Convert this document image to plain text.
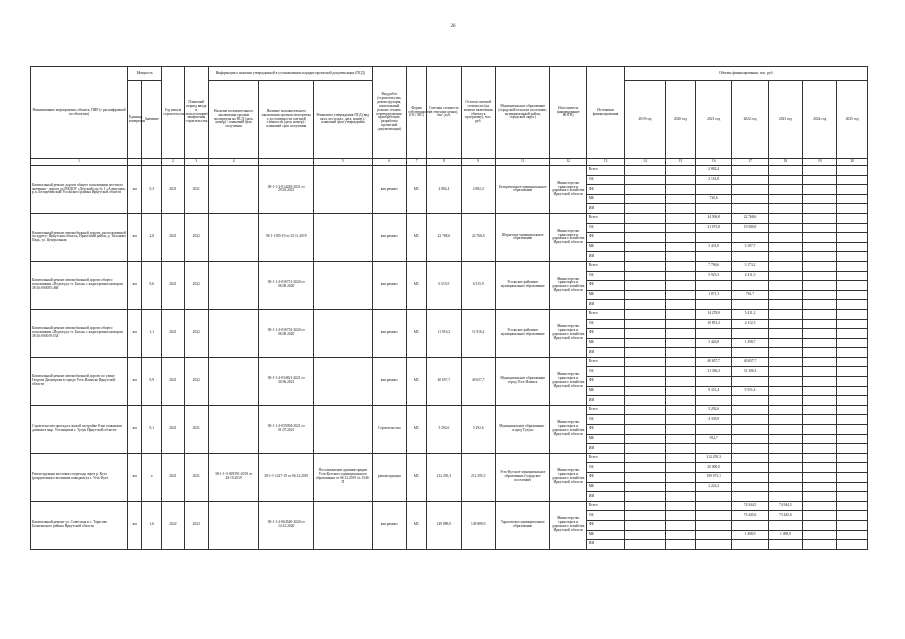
26
Наименование мероприятия, объекта, ПИР (с расшифровкой по объектам)	Мощность		Год начала строительства	Плановый период ввода в эксплуатацию/ завершения строительства	Информация о наличии утвержденной в установленном порядке проектной документации (ПСД)			Вид работ (строительство, реконструкция, капитальный ремонт, технич. перевооружение, приобретение, разработка проектной документации)	Форма собственности (ОС/ МС)	Сметная стоимость (в текущих ценах), тыс. руб.	Остаток сметной стоимости (на момент включения объекта в программу), тыс. руб.	Муниципальное образование (городской/сельское поселение, муниципальный район, городской округ)	Исполнитель (наименование ИОГВ)	Источники финансирования	Объемы финансирования, тыс. руб.						
	Единица измерения	Значение			Наличие положительного заключения органов экспертизы на ПСД (дата, номер) / плановый срок получения	Наличие положительного заключения органов экспертизы о достоверности сметной стоимости (дата, номер) / плановый срок получения	Реквизиты утверждения ПСД (вид акта, кто издал, дата, номер) / плановый срок утверждения								2019 год	2020 год	2021 год	2022 год	2023 год	2024 год	2025 год
1			2	3	4		5	6	7	8	9	11	12	13	14	15	16	17	18	19	20
Капитальный ремонт дороги общего пользования местного значения - дорога до МБДОУ «Детский сад № 1 «Аленушка» р.п. Белореченский Усольского района Иркутской области	км	0,3	2021	2021		38-1-1-2-014283-2021 от 29.03.2021		кап.ремонт	МС	2 882,4	2 882,4	Белореченское муниципальное образование	Министерство транспорта и дорожного хозяйства Иркутской области	Всего			2 882,4				
														ОБ			2 161,8				
														ФБ							
														МБ			720,6				
														ИИ							
Капитальный ремонт автомобильной дороги, расположенной по адресу: Иркутская область, Иркутский район, д. Тихонова Падь, ул. Центральная	км	2,8	2021	2022		38-1-1185-19 от 25.11.2019		кап.ремонт	МС	22 768,6	22 768,6	Шерагское муниципальное образование	Министерство транспорта и дорожного хозяйства Иркутской области	Всего			24 506,8	22 768,6			
														ОБ			21 075,8	19 580,9			
														ФБ							
														МБ			3 431,0	3 187,7			
														ИИ							
Капитальный ремонт автомобильной дороги общего пользования «Подъезд к ст. Белая» с кадастровым номером 38:16:000055:468	км	0,6	2021	2022		38-1-1-2-036751-2020 от 06.08.2020		кап.ремонт	МС	6 515,9	6 515,9	Усольское районное муниципальное образование	Министерство транспорта и дорожного хозяйства Иркутской области	Всего			7 796,6	3 173,2			
														ОБ			5 925,3	2 411,5			
														ФБ							
														МБ			1 871,3	761,7			
														ИИ							
Капитальный ремонт автомобильной дороги общего пользования «Подъезд к ст. Белая» с кадастровым номером 38:16:000019:534	км	1,1	2021	2022		38-1-1-2-036752-2020 от 06.08.2020		кап.ремонт	МС	11 916,2	11 916,2	Усольское районное муниципальное образование	Министерство транспорта и дорожного хозяйства Иркутской области	Всего			14 278,0	5 411,2			
														ОБ			10 851,2	4 112,5			
														ФБ							
														МБ			3 426,8	1 298,7			
														ИИ							
Капитальный ремонт автомобильной дороги по улице Георгия Димитрова в городе Усть-Илимске Иркутской области	км	0,9	2021	2022		38-1-1-2-034821-2021 от 30.06.2021		кап.ремонт	МС	40 657,7	40 657,7	Муниципальное образование город Усть-Илимск	Министерство транспорта и дорожного хозяйства Иркутской области	Всего			40 657,7	40 657,7			
														ОБ			31 306,3	31 306,3			
														ФБ							
														МБ			9 351,4	9 351,4			
														ИИ							
Строительство проезда к жилой застройке 8-ми этажными домами в мкр. Угольщиков г. Тулун Иркутской области	км	0,1	2021	2021		38-1-1-2-035094-2021 от 01.07.2021		Строительство	МС	5 292,6	5 292,6	Муниципальное образование - «город Тулун»	Министерство транспорта и дорожного хозяйства Иркутской области	Всего			5 292,6				
														ОБ			4 339,9				
														ФБ							
														МБ			952,7				
														ИИ							
Реконструкция мостового перехода через р. Кута (разрушенного весенним паводком) в г. Усть-Куте	км	x	2021	2021	38-1-1-3-029391-2019 от 28.10.2019	38-1-1-1227-19 от 06.12.2019	Постановление администрации Усть-Кутского муниципального образования от 06.12.2019 № 1546-П	реконструкция	МС	212 295,3	212 295,3	Усть-Кутское муниципальное образование (городское поселение)	Министерство транспорта и дорожного хозяйства Иркутской области	Всего			212 295,3				
														ОБ			20 000,0				
														ФБ			190 073,1				
														МБ			2 222,2				
														ИИ							
Капитальный ремонт ул. Советская в с. Тарасово Балаганского района Иркутской области	км	1,6	2022	2023		38-1-1-2-064540-2020 от 14.12.2020		кап.ремонт	МС	149 889,0	149 889,0	Тарасовское муниципальное образование	Министерство транспорта и дорожного хозяйства Иркутской области	Всего				74 944,5	74 944,5		
														ОБ				73 445,6	73 445,6		
														ФБ							
														МБ				1 498,9	1 498,9		
														ИИ							
